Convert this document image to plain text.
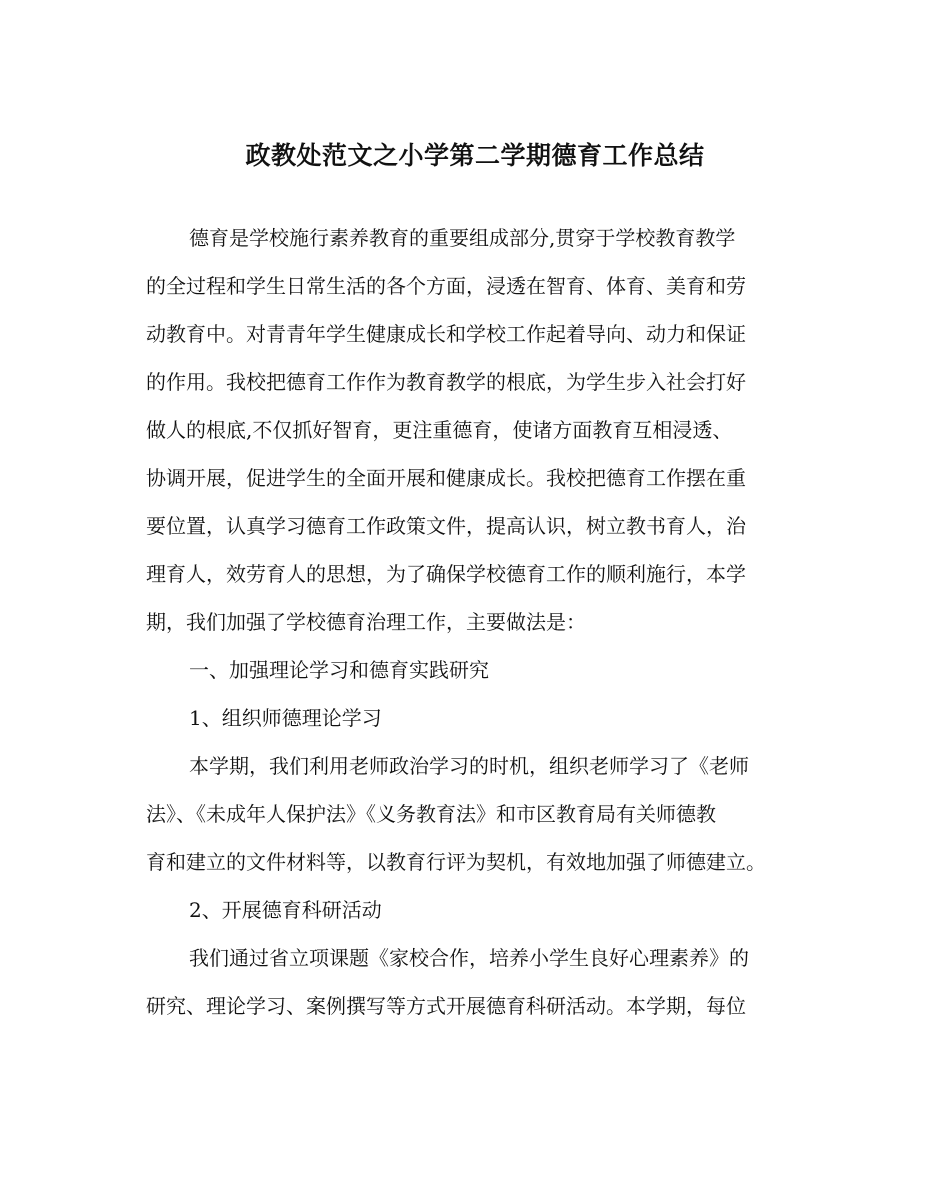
政教处范文之小学第二学期德育工作总结

德育是学校施行素养教育的重要组成部分,贯穿于学校教育教学

的全过程和学生日常生活的各个方面，浸透在智育、体育、美育和劳

动教育中。对青青年学生健康成长和学校工作起着导向、动力和保证

的作用。我校把德育工作作为教育教学的根底，为学生步入社会打好

做人的根底,不仅抓好智育，更注重德育，使诸方面教育互相浸透、

协调开展，促进学生的全面开展和健康成长。我校把德育工作摆在重

要位置，认真学习德育工作政策文件，提高认识，树立教书育人，治

理育人，效劳育人的思想，为了确保学校德育工作的顺利施行，本学

期，我们加强了学校德育治理工作，主要做法是：

一、加强理论学习和德育实践研究

1、组织师德理论学习

本学期，我们利用老师政治学习的时机，组织老师学习了《老师

法》、《未成年人保护法》《义务教育法》和市区教育局有关师德教

育和建立的文件材料等，以教育行评为契机，有效地加强了师德建立。

2、开展德育科研活动

我们通过省立项课题《家校合作，培养小学生良好心理素养》的

研究、理论学习、案例撰写等方式开展德育科研活动。本学期，每位
